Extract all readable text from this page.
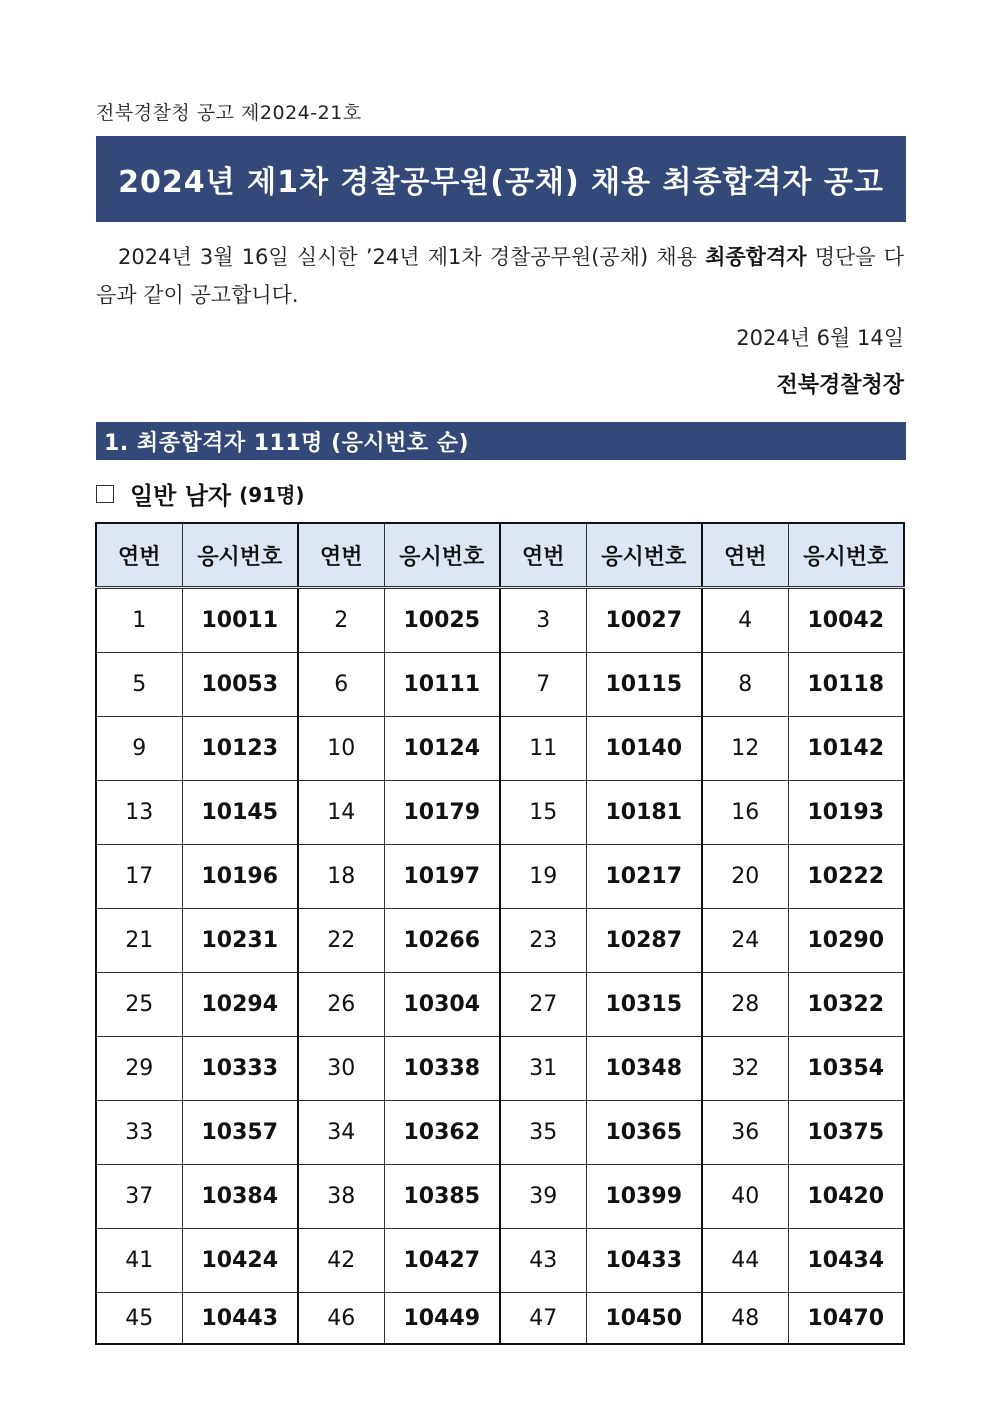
전북경찰청 공고 제2024-21호
2024년 제1차 경찰공무원(공채) 채용 최종합격자 공고
2024년 3월 16일 실시한 ’24년 제1차 경찰공무원(공채) 채용 최종합격자 명단을 다음과 같이 공고합니다.
2024년 6월 14일
전북경찰청장
1. 최종합격자 111명 (응시번호 순)
일반 남자 (91명)
연번	응시번호	연번	응시번호	연번	응시번호	연번	응시번호
1	10011	2	10025	3	10027	4	10042
5	10053	6	10111	7	10115	8	10118
9	10123	10	10124	11	10140	12	10142
13	10145	14	10179	15	10181	16	10193
17	10196	18	10197	19	10217	20	10222
21	10231	22	10266	23	10287	24	10290
25	10294	26	10304	27	10315	28	10322
29	10333	30	10338	31	10348	32	10354
33	10357	34	10362	35	10365	36	10375
37	10384	38	10385	39	10399	40	10420
41	10424	42	10427	43	10433	44	10434
45	10443	46	10449	47	10450	48	10470
